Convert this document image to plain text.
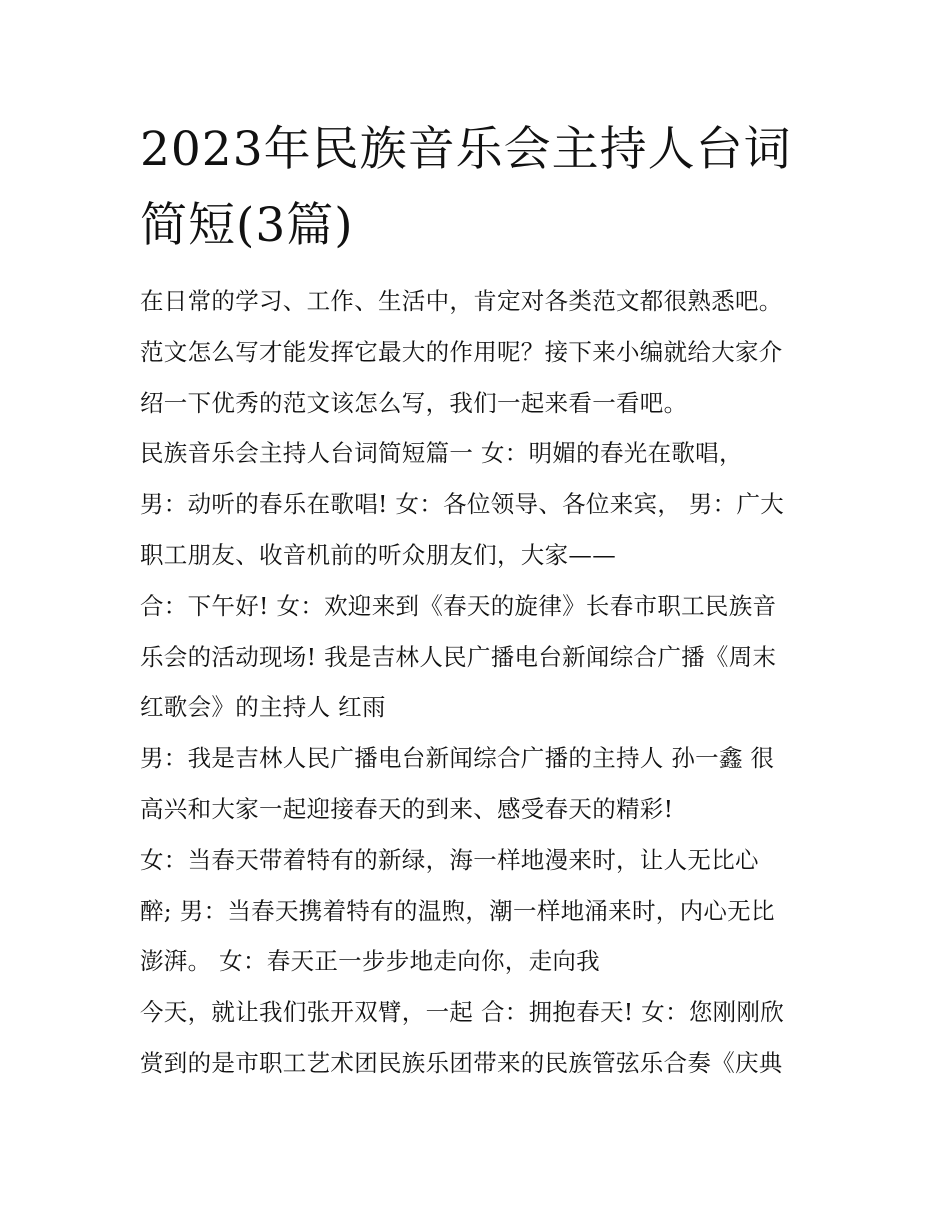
2023年民族音乐会主持人台词
简短(3篇)
在日常的学习、工作、生活中，肯定对各类范文都很熟悉吧。
范文怎么写才能发挥它最大的作用呢？接下来小编就给大家介
绍一下优秀的范文该怎么写，我们一起来看一看吧。
民族音乐会主持人台词简短篇一 女：明媚的春光在歌唱，
男：动听的春乐在歌唱! 女：各位领导、各位来宾， 男：广大
职工朋友、收音机前的听众朋友们，大家——
合：下午好! 女：欢迎来到《春天的旋律》长春市职工民族音
乐会的活动现场! 我是吉林人民广播电台新闻综合广播《周末
红歌会》的主持人 红雨
男：我是吉林人民广播电台新闻综合广播的主持人 孙一鑫 很
高兴和大家一起迎接春天的到来、感受春天的精彩!
女：当春天带着特有的新绿，海一样地漫来时，让人无比心
醉; 男：当春天携着特有的温煦，潮一样地涌来时，内心无比
澎湃。 女：春天正一步步地走向你，走向我
今天，就让我们张开双臂，一起 合：拥抱春天! 女：您刚刚欣
赏到的是市职工艺术团民族乐团带来的民族管弦乐合奏《庆典
